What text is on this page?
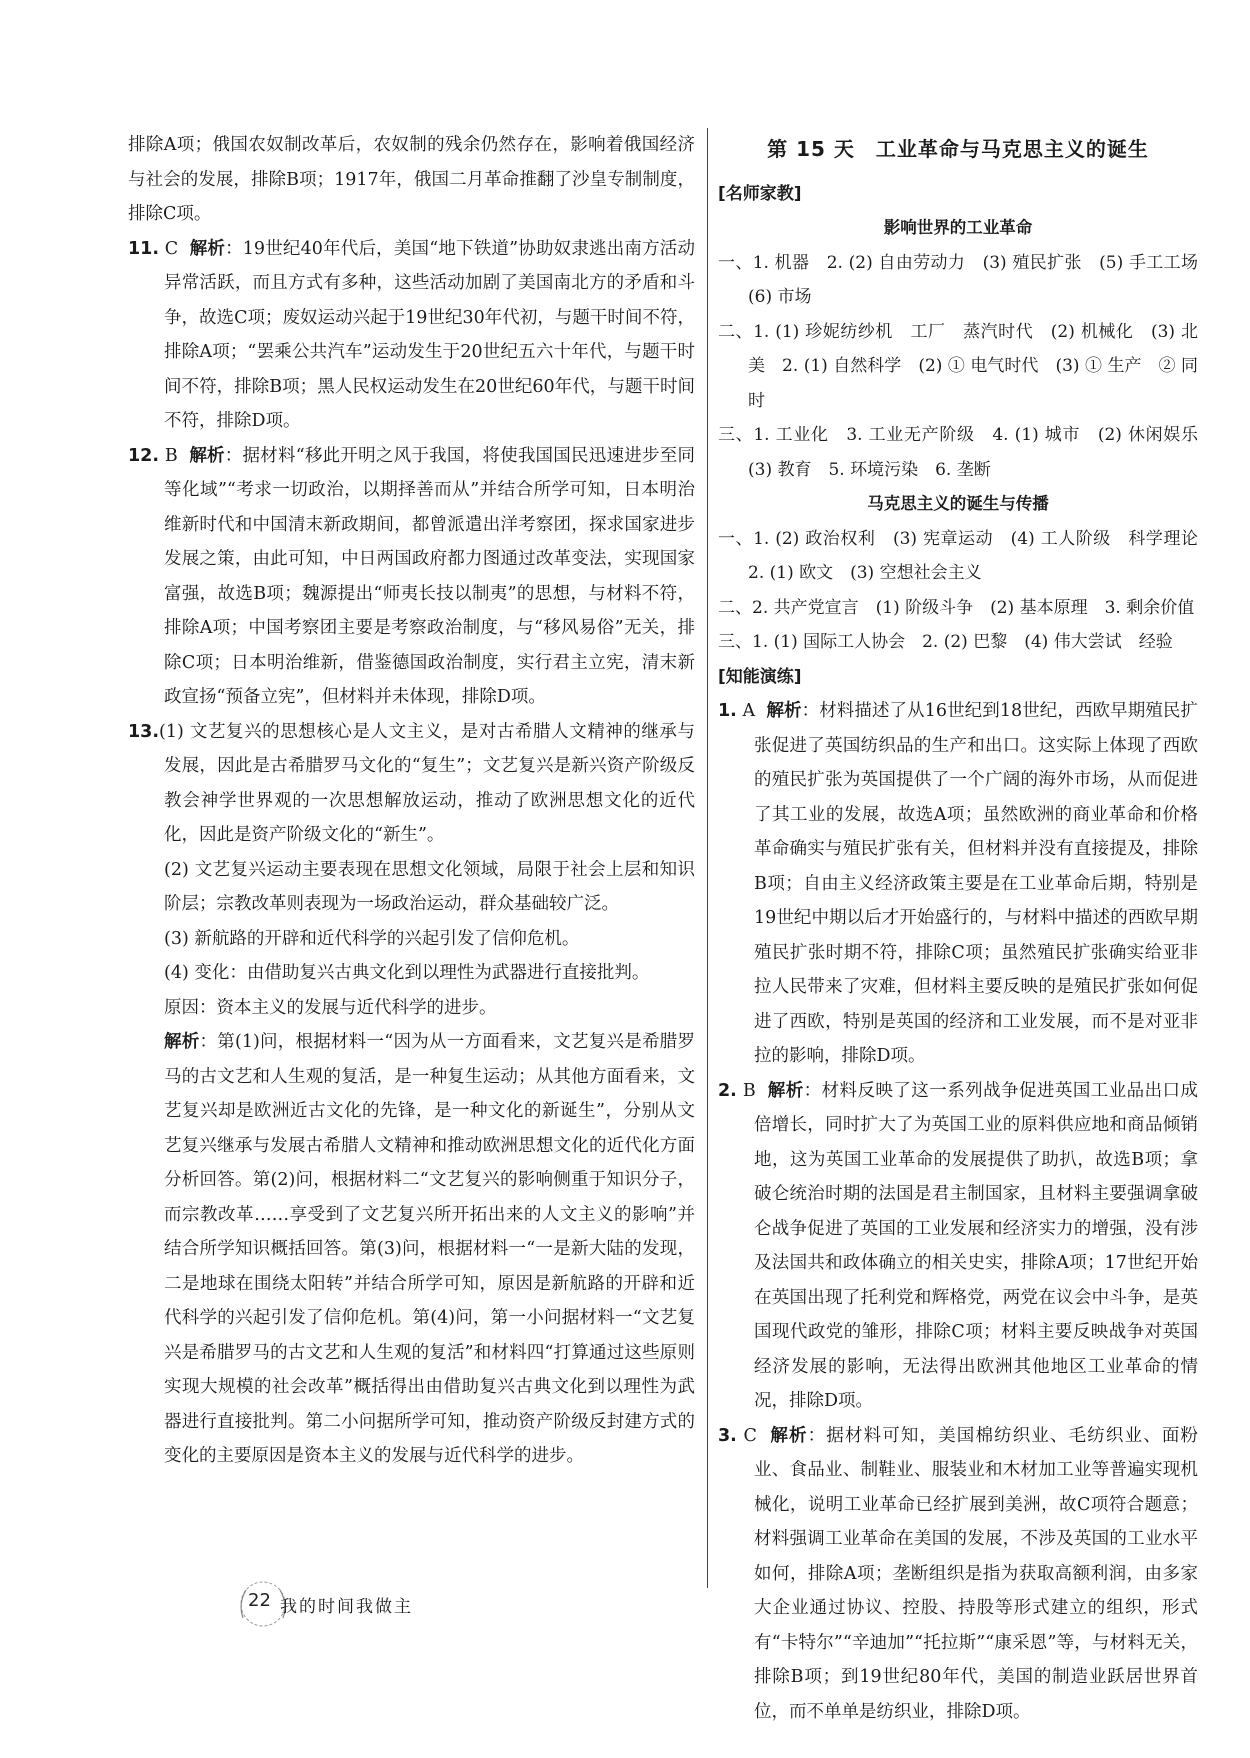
排除A项；俄国农奴制改革后，农奴制的残余仍然存在，影响着俄国经济与社会的发展，排除B项；1917年，俄国二月革命推翻了沙皇专制制度，排除C项。

11. C 解析：19世纪40年代后，美国“地下铁道”协助奴隶逃出南方活动异常活跃，而且方式有多种，这些活动加剧了美国南北方的矛盾和斗争，故选C项；废奴运动兴起于19世纪30年代初，与题干时间不符，排除A项；“罢乘公共汽车”运动发生于20世纪五六十年代，与题干时间不符，排除B项；黑人民权运动发生在20世纪60年代，与题干时间不符，排除D项。

12. B 解析：据材料“移此开明之风于我国，将使我国国民迅速进步至同等化域”“考求一切政治，以期择善而从”并结合所学可知，日本明治维新时代和中国清末新政期间，都曾派遣出洋考察团，探求国家进步发展之策，由此可知，中日两国政府都力图通过改革变法，实现国家富强，故选B项；魏源提出“师夷长技以制夷”的思想，与材料不符，排除A项；中国考察团主要是考察政治制度，与“移风易俗”无关，排除C项；日本明治维新，借鉴德国政治制度，实行君主立宪，清末新政宣扬“预备立宪”，但材料并未体现，排除D项。

13.(1) 文艺复兴的思想核心是人文主义，是对古希腊人文精神的继承与发展，因此是古希腊罗马文化的“复生”；文艺复兴是新兴资产阶级反教会神学世界观的一次思想解放运动，推动了欧洲思想文化的近代化，因此是资产阶级文化的“新生”。

(2) 文艺复兴运动主要表现在思想文化领域，局限于社会上层和知识阶层；宗教改革则表现为一场政治运动，群众基础较广泛。

(3) 新航路的开辟和近代科学的兴起引发了信仰危机。

(4) 变化：由借助复兴古典文化到以理性为武器进行直接批判。

原因：资本主义的发展与近代科学的进步。

解析：第(1)问，根据材料一“因为从一方面看来，文艺复兴是希腊罗马的古文艺和人生观的复活，是一种复生运动；从其他方面看来，文艺复兴却是欧洲近古文化的先锋，是一种文化的新诞生”，分别从文艺复兴继承与发展古希腊人文精神和推动欧洲思想文化的近代化方面分析回答。第(2)问，根据材料二“文艺复兴的影响侧重于知识分子，而宗教改革……享受到了文艺复兴所开拓出来的人文主义的影响”并结合所学知识概括回答。第(3)问，根据材料一“一是新大陆的发现，二是地球在围绕太阳转”并结合所学可知，原因是新航路的开辟和近代科学的兴起引发了信仰危机。第(4)问，第一小问据材料一“文艺复兴是希腊罗马的古文艺和人生观的复活”和材料四“打算通过这些原则实现大规模的社会改革”概括得出由借助复兴古典文化到以理性为武器进行直接批判。第二小问据所学可知，推动资产阶级反封建方式的变化的主要原因是资本主义的发展与近代科学的进步。

第 15 天　工业革命与马克思主义的诞生
[名师家教]
影响世界的工业革命

一、1. 机器　2. (2) 自由劳动力　(3) 殖民扩张　(5) 手工工场　(6) 市场

二、1. (1) 珍妮纺纱机　工厂　蒸汽时代　(2) 机械化　(3) 北美　2. (1) 自然科学　(2) ① 电气时代　(3) ① 生产　② 同时

三、1. 工业化　3. 工业无产阶级　4. (1) 城市　(2) 休闲娱乐　(3) 教育　5. 环境污染　6. 垄断

马克思主义的诞生与传播

一、1. (2) 政治权利　(3) 宪章运动　(4) 工人阶级　科学理论　2. (1) 欧文　(3) 空想社会主义

二、2. 共产党宣言　(1) 阶级斗争　(2) 基本原理　3. 剩余价值

三、1. (1) 国际工人协会　2. (2) 巴黎　(4) 伟大尝试　经验

[知能演练]

1. A 解析：材料描述了从16世纪到18世纪，西欧早期殖民扩张促进了英国纺织品的生产和出口。这实际上体现了西欧的殖民扩张为英国提供了一个广阔的海外市场，从而促进了其工业的发展，故选A项；虽然欧洲的商业革命和价格革命确实与殖民扩张有关，但材料并没有直接提及，排除B项；自由主义经济政策主要是在工业革命后期，特别是19世纪中期以后才开始盛行的，与材料中描述的西欧早期殖民扩张时期不符，排除C项；虽然殖民扩张确实给亚非拉人民带来了灾难，但材料主要反映的是殖民扩张如何促进了西欧，特别是英国的经济和工业发展，而不是对亚非拉的影响，排除D项。

2. B 解析：材料反映了这一系列战争促进英国工业品出口成倍增长，同时扩大了为英国工业的原料供应地和商品倾销地，这为英国工业革命的发展提供了助扒，故选B项；拿破仑统治时期的法国是君主制国家，且材料主要强调拿破仑战争促进了英国的工业发展和经济实力的增强，没有涉及法国共和政体确立的相关史实，排除A项；17世纪开始在英国出现了托利党和辉格党，两党在议会中斗争，是英国现代政党的雏形，排除C项；材料主要反映战争对英国经济发展的影响，无法得出欧洲其他地区工业革命的情况，排除D项。

3. C 解析：据材料可知，美国棉纺织业、毛纺织业、面粉业、食品业、制鞋业、服装业和木材加工业等普遍实现机械化，说明工业革命已经扩展到美洲，故C项符合题意；材料强调工业革命在美国的发展，不涉及英国的工业水平如何，排除A项；垄断组织是指为获取高额利润，由多家大企业通过协议、控股、持股等形式建立的组织，形式有“卡特尔”“辛迪加”“托拉斯”“康采恩”等，与材料无关，排除B项；到19世纪80年代，美国的制造业跃居世界首位，而不单单是纺织业，排除D项。

22 我的时间我做主
